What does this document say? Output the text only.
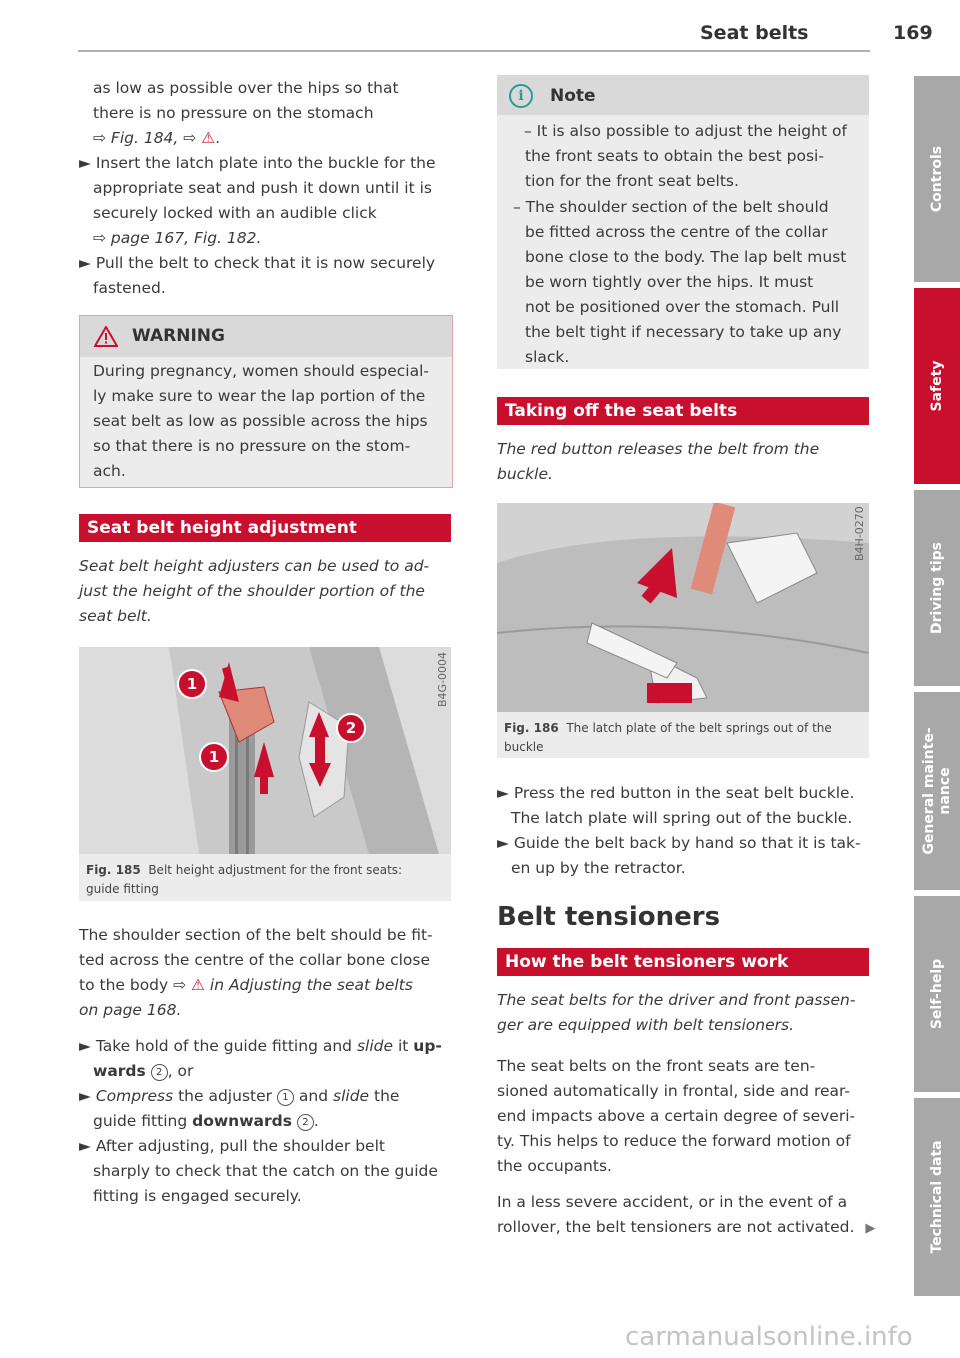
Seat belts	169
as low as possible over the hips so that
there is no pressure on the stomach
⇨ Fig. 184, ⇨ ⚠.
► Insert the latch plate into the buckle for the
appropriate seat and push it down until it is
securely locked with an audible click
⇨ page 167, Fig. 182.
► Pull the belt to check that it is now securely
fastened.
WARNING
During pregnancy, women should especial-
ly make sure to wear the lap portion of the
seat belt as low as possible across the hips
so that there is no pressure on the stom-
ach.
Seat belt height adjustment
Seat belt height adjusters can be used to ad-
just the height of the shoulder portion of the
seat belt.
1
1
2
B4G-0004
Fig. 185 Belt height adjustment for the front seats:
guide fitting
The shoulder section of the belt should be fit-
ted across the centre of the collar bone close
to the body ⇨ ⚠ in Adjusting the seat belts
on page 168.
► Take hold of the guide fitting and slide it up-
wards 2 , or
► Compress the adjuster 1 and slide the
guide fitting downwards 2 .
► After adjusting, pull the shoulder belt
sharply to check that the catch on the guide
fitting is engaged securely.
i	Note
– It is also possible to adjust the height of
the front seats to obtain the best posi-
tion for the front seat belts.
– The shoulder section of the belt should
be fitted across the centre of the collar
bone close to the body. The lap belt must
be worn tightly over the hips. It must
not be positioned over the stomach. Pull
the belt tight if necessary to take up any
slack.
Taking off the seat belts
The red button releases the belt from the
buckle.
B4H-0270
Fig. 186 The latch plate of the belt springs out of the
buckle
► Press the red button in the seat belt buckle.
The latch plate will spring out of the buckle.
► Guide the belt back by hand so that it is tak-
en up by the retractor.
Belt tensioners
How the belt tensioners work
The seat belts for the driver and front passen-
ger are equipped with belt tensioners.
The seat belts on the front seats are ten-
sioned automatically in frontal, side and rear-
end impacts above a certain degree of severi-
ty. This helps to reduce the forward motion of
the occupants.
In a less severe accident, or in the event of a
rollover, the belt tensioners are not activated. ▶
Controls
Safety
Driving tips
General mainte-nance
Self-help
Technical data
carmanualsonline.info
